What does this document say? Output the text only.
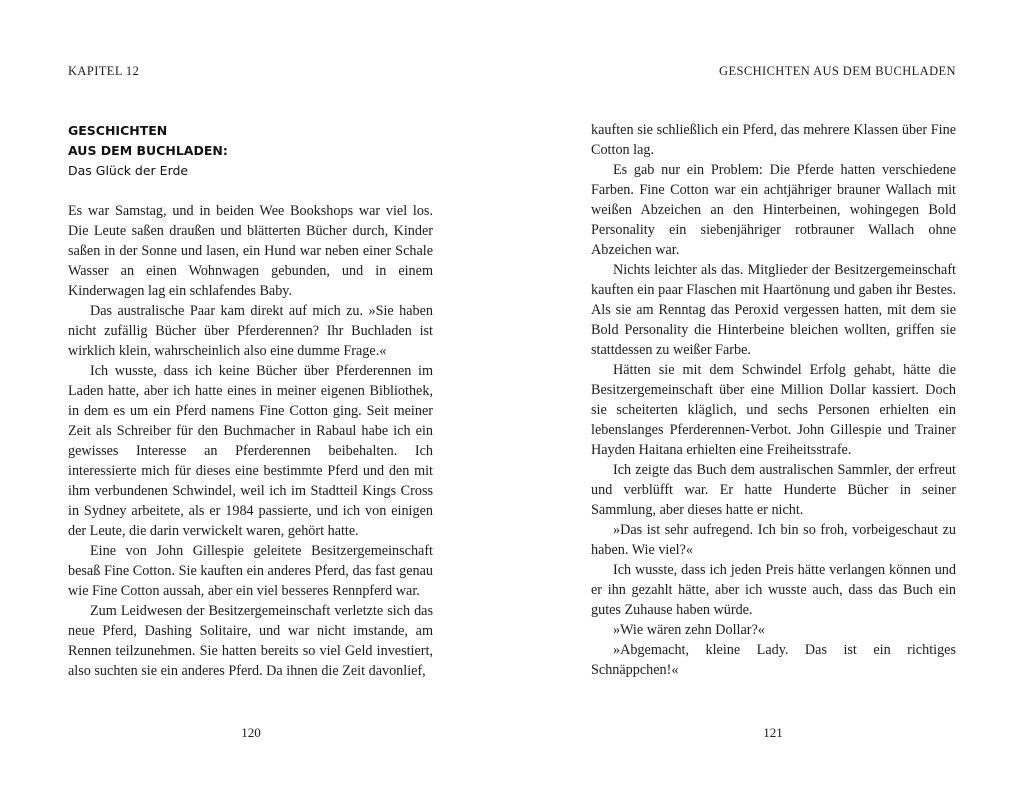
KAPITEL 12
GESCHICHTEN
AUS DEM BUCHLADEN:
Das Glück der Erde

Es war Samstag, und in beiden Wee Bookshops war viel los. Die Leute saßen draußen und blätterten Bücher durch, Kinder saßen in der Sonne und lasen, ein Hund war neben einer Schale Wasser an einen Wohnwagen gebunden, und in einem Kinderwagen lag ein schlafendes Baby.

Das australische Paar kam direkt auf mich zu. »Sie haben nicht zufällig Bücher über Pferderennen? Ihr Buchladen ist wirklich klein, wahrscheinlich also eine dumme Frage.«

Ich wusste, dass ich keine Bücher über Pferderennen im Laden hatte, aber ich hatte eines in meiner eigenen Bibliothek, in dem es um ein Pferd namens Fine Cotton ging. Seit meiner Zeit als Schreiber für den Buchmacher in Rabaul habe ich ein gewisses Interesse an Pferderennen beibehalten. Ich interessierte mich für dieses eine bestimmte Pferd und den mit ihm verbundenen Schwindel, weil ich im Stadtteil Kings Cross in Sydney arbeitete, als er 1984 passierte, und ich von einigen der Leute, die darin verwickelt waren, gehört hatte.

Eine von John Gillespie geleitete Besitzergemeinschaft besaß Fine Cotton. Sie kauften ein anderes Pferd, das fast genau wie Fine Cotton aussah, aber ein viel besseres Rennpferd war.

Zum Leidwesen der Besitzergemeinschaft verletzte sich das neue Pferd, Dashing Solitaire, und war nicht imstande, am Rennen teilzunehmen. Sie hatten bereits so viel Geld investiert, also suchten sie ein anderes Pferd. Da ihnen die Zeit davonlief,

120
GESCHICHTEN AUS DEM BUCHLADEN

kauften sie schließlich ein Pferd, das mehrere Klassen über Fine Cotton lag.

Es gab nur ein Problem: Die Pferde hatten verschiedene Farben. Fine Cotton war ein achtjähriger brauner Wallach mit weißen Abzeichen an den Hinterbeinen, wohingegen Bold Personality ein siebenjähriger rotbrauner Wallach ohne Abzeichen war.

Nichts leichter als das. Mitglieder der Besitzergemeinschaft kauften ein paar Flaschen mit Haartönung und gaben ihr Bestes. Als sie am Renntag das Peroxid vergessen hatten, mit dem sie Bold Personality die Hinterbeine bleichen wollten, griffen sie stattdessen zu weißer Farbe.

Hätten sie mit dem Schwindel Erfolg gehabt, hätte die Besitzergemeinschaft über eine Million Dollar kassiert. Doch sie scheiterten kläglich, und sechs Personen erhielten ein lebenslanges Pferderennen-Verbot. John Gillespie und Trainer Hayden Haitana erhielten eine Freiheitsstrafe.

Ich zeigte das Buch dem australischen Sammler, der erfreut und verblüfft war. Er hatte Hunderte Bücher in seiner Sammlung, aber dieses hatte er nicht.

»Das ist sehr aufregend. Ich bin so froh, vorbeigeschaut zu haben. Wie viel?«

Ich wusste, dass ich jeden Preis hätte verlangen können und er ihn gezahlt hätte, aber ich wusste auch, dass das Buch ein gutes Zuhause haben würde.

»Wie wären zehn Dollar?«

»Abgemacht, kleine Lady. Das ist ein richtiges Schnäppchen!«

121
